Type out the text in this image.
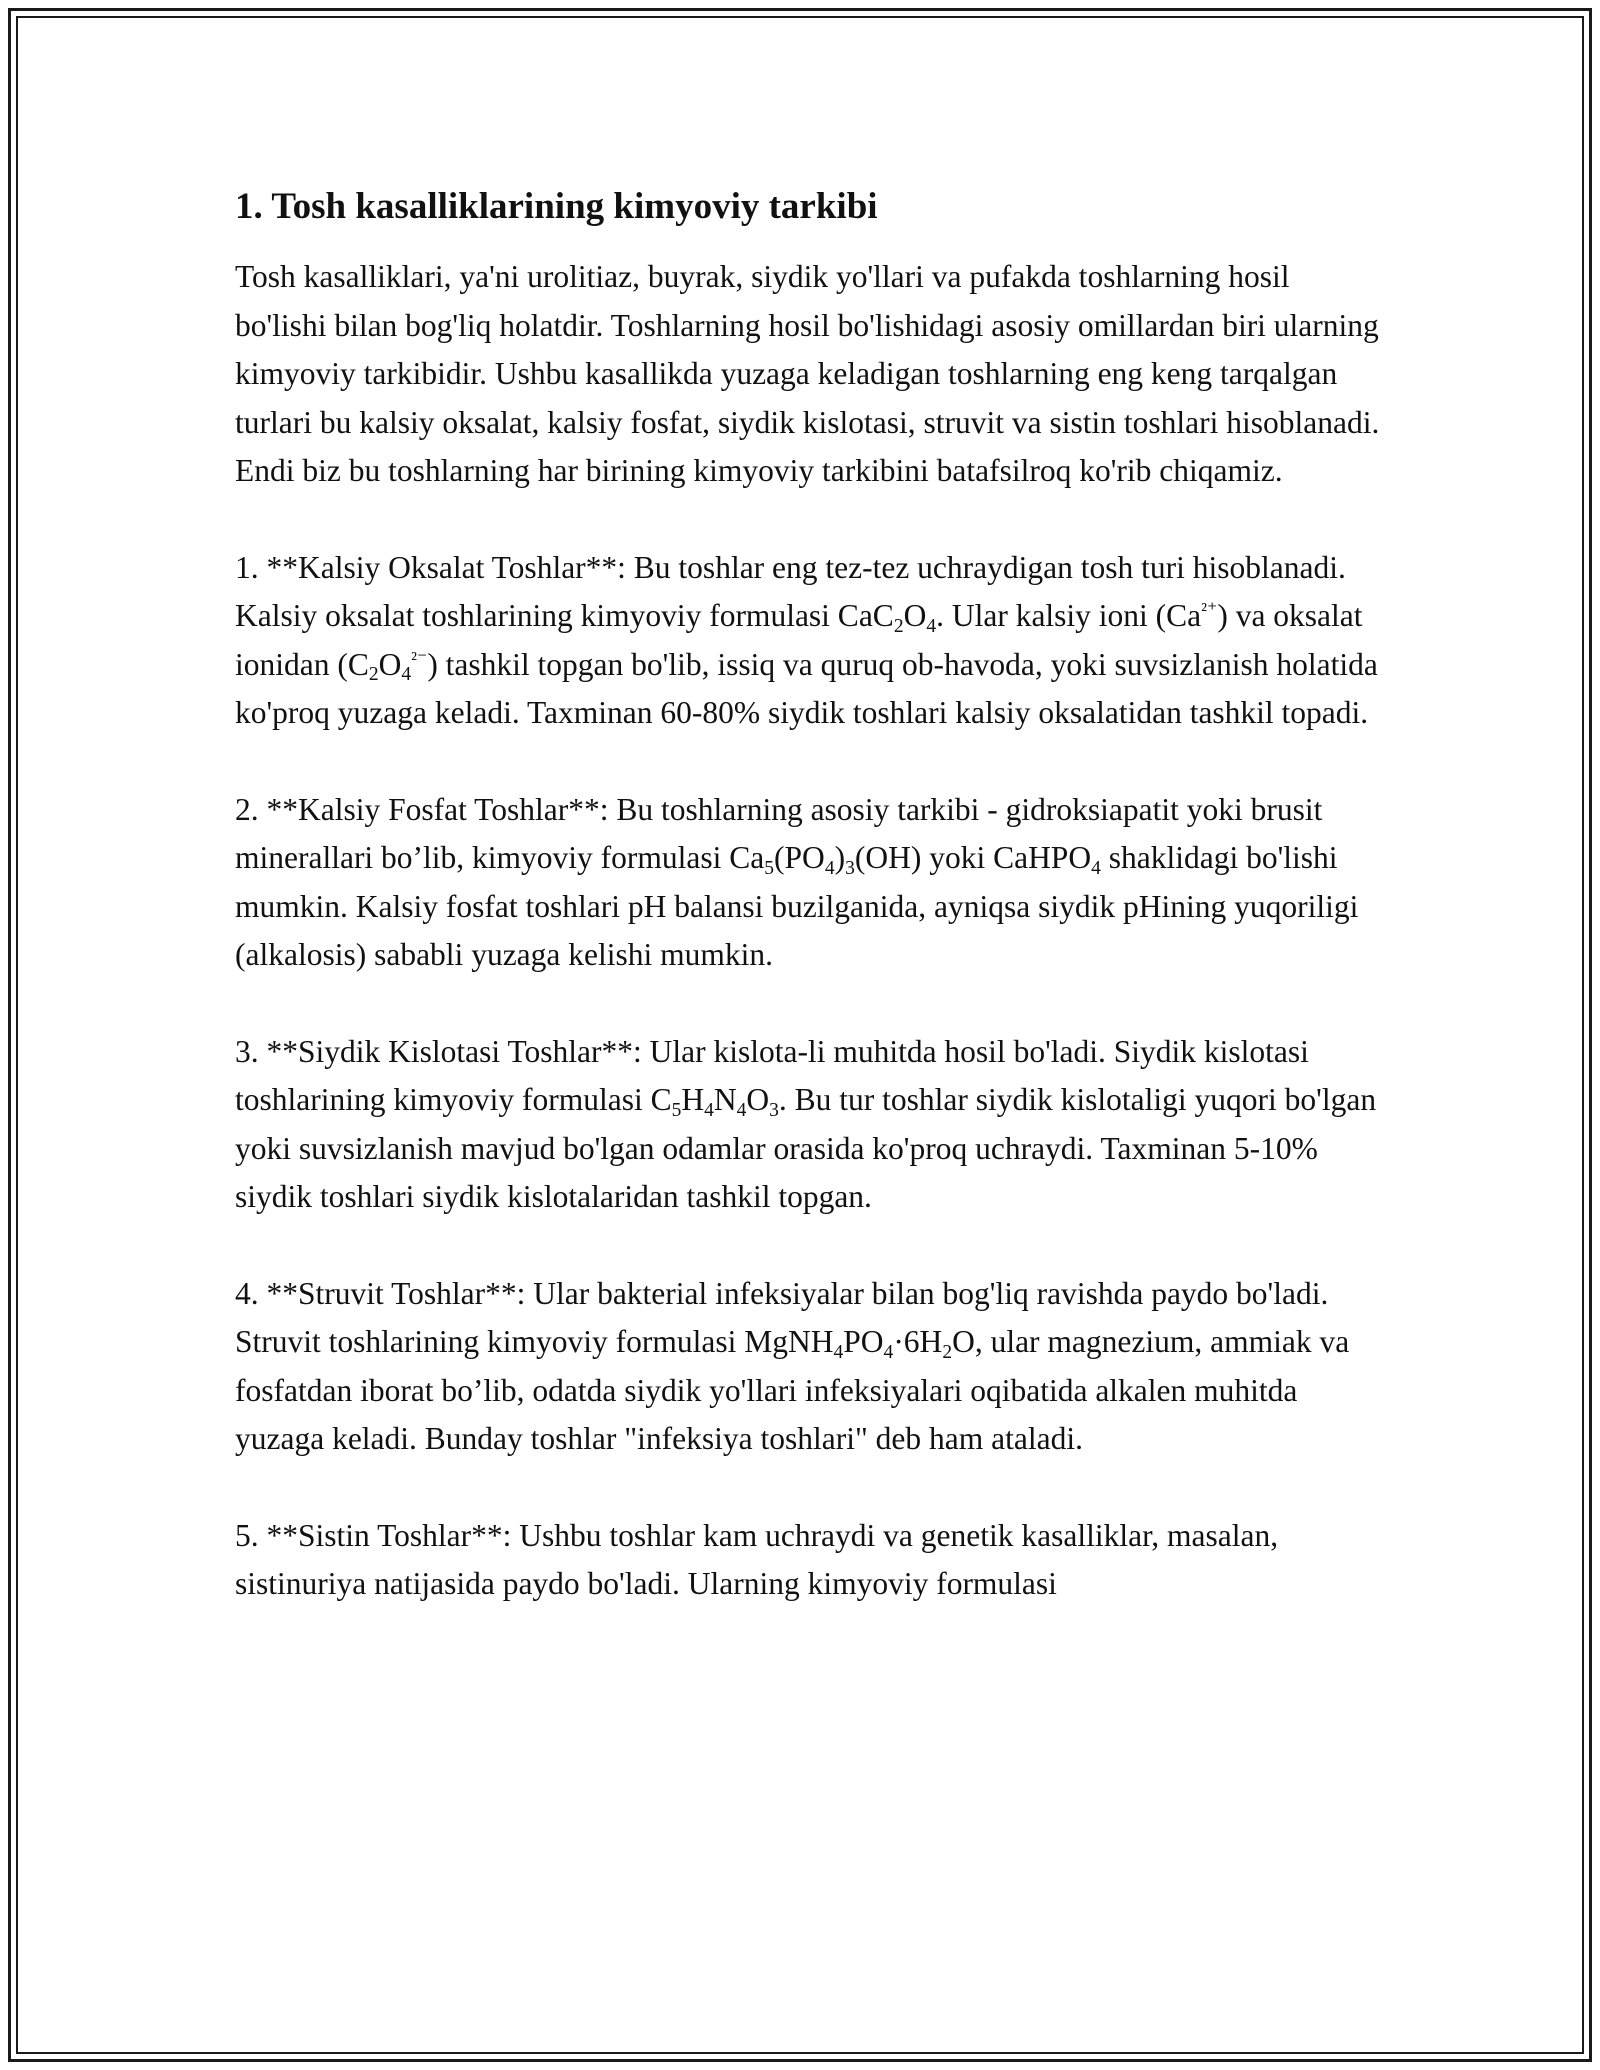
1. Tosh kasalliklarining kimyoviy tarkibi

Tosh kasalliklari, ya'ni urolitiaz, buyrak, siydik yo'llari va pufakda toshlarning hosil bo'lishi bilan bog'liq holatdir. Toshlarning hosil bo'lishidagi asosiy omillardan biri ularning kimyoviy tarkibidir. Ushbu kasallikda yuzaga keladigan toshlarning eng keng tarqalgan turlari bu kalsiy oksalat, kalsiy fosfat, siydik kislotasi, struvit va sistin toshlari hisoblanadi. Endi biz bu toshlarning har birining kimyoviy tarkibini batafsilroq ko'rib chiqamiz.

1. **Kalsiy Oksalat Toshlar**: Bu toshlar eng tez-tez uchraydigan tosh turi hisoblanadi. Kalsiy oksalat toshlarining kimyoviy formulasi $CaC_2O_4$. Ular kalsiy ioni $(Ca^{^{2+}})$ va oksalat ionidan $(C_2O_4^{^{2-}})$ tashkil topgan bo'lib, issiq va quruq ob-havoda, yoki suvsizlanish holatida ko'proq yuzaga keladi. Taxminan 60-80% siydik toshlari kalsiy oksalatidan tashkil topadi.

2. **Kalsiy Fosfat Toshlar**: Bu toshlarning asosiy tarkibi - gidroksiapatit yoki brusit minerallari bo’lib, kimyoviy formulasi $Ca_5(PO_4)_3(OH)$ yoki CaHPO$_4$ shaklidagi bo'lishi mumkin. Kalsiy fosfat toshlari pH balansi buzilganida, ayniqsa siydik pHining yuqoriligi (alkalosis) sababli yuzaga kelishi mumkin.

3. **Siydik Kislotasi Toshlar**: Ular kislota-li muhitda hosil bo'ladi. Siydik kislotasi toshlarining kimyoviy formulasi $C_5H_4N_4O_3$. Bu tur toshlar siydik kislotaligi yuqori bo'lgan yoki suvsizlanish mavjud bo'lgan odamlar orasida ko'proq uchraydi. Taxminan 5-10% siydik toshlari siydik kislotalaridan tashkil topgan.

4. **Struvit Toshlar**: Ular bakterial infeksiyalar bilan bog'liq ravishda paydo bo'ladi. Struvit toshlarining kimyoviy formulasi $MgNH_4PO_4\cdot 6H_2O$, ular magnezium, ammiak va fosfatdan iborat bo’lib, odatda siydik yo'llari infeksiyalari oqibatida alkalen muhitda yuzaga keladi. Bunday toshlar "infeksiya toshlari" deb ham ataladi.

5. **Sistin Toshlar**: Ushbu toshlar kam uchraydi va genetik kasalliklar, masalan, sistinuriya natijasida paydo bo'ladi. Ularning kimyoviy formulasi
